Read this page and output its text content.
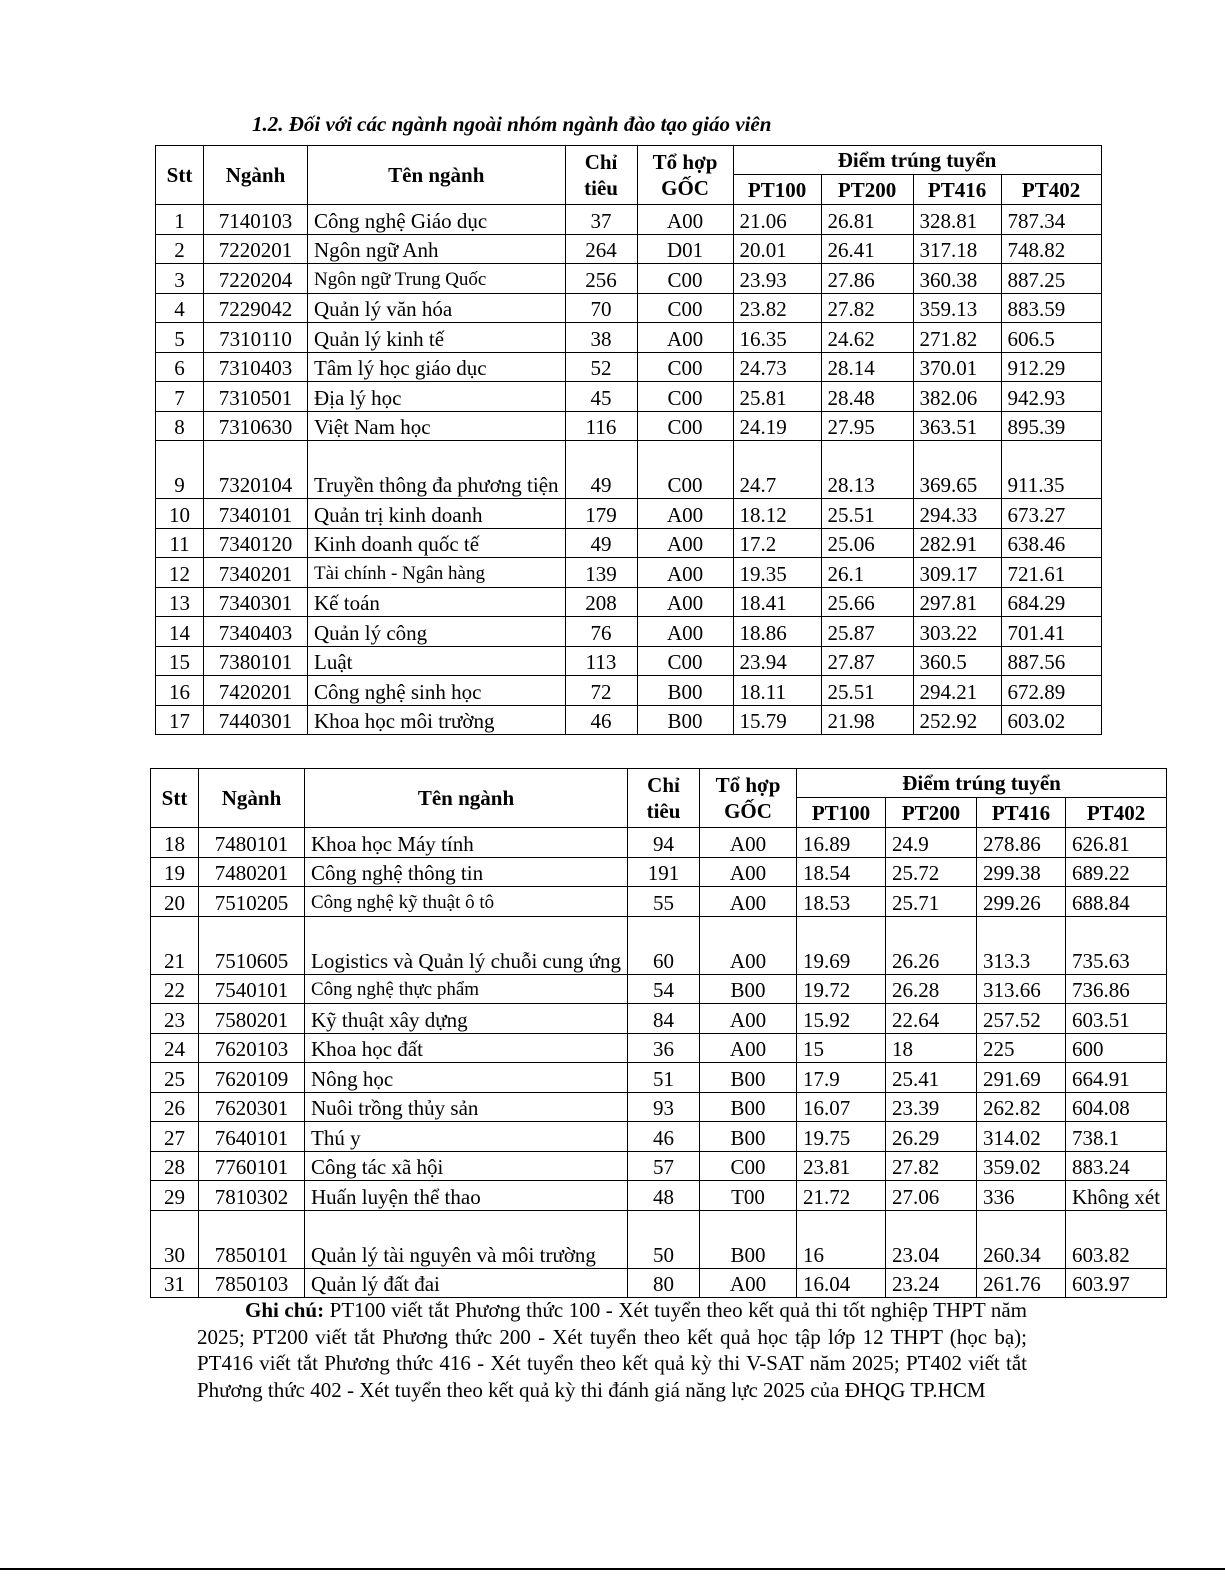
1.2. Đối với các ngành ngoài nhóm ngành đào tạo giáo viên
Stt	Ngành	Tên ngành	Chỉ tiêu	Tổ hợp GỐC	Điểm trúng tuyển			
					PT100	PT200	PT416	PT402
1	7140103	Công nghệ Giáo dục	37	A00	21.06	26.81	328.81	787.34
2	7220201	Ngôn ngữ Anh	264	D01	20.01	26.41	317.18	748.82
3	7220204	Ngôn ngữ Trung Quốc	256	C00	23.93	27.86	360.38	887.25
4	7229042	Quản lý văn hóa	70	C00	23.82	27.82	359.13	883.59
5	7310110	Quản lý kinh tế	38	A00	16.35	24.62	271.82	606.5
6	7310403	Tâm lý học giáo dục	52	C00	24.73	28.14	370.01	912.29
7	7310501	Địa lý học	45	C00	25.81	28.48	382.06	942.93
8	7310630	Việt Nam học	116	C00	24.19	27.95	363.51	895.39
9	7320104	Truyền thông đa phương tiện	49	C00	24.7	28.13	369.65	911.35
10	7340101	Quản trị kinh doanh	179	A00	18.12	25.51	294.33	673.27
11	7340120	Kinh doanh quốc tế	49	A00	17.2	25.06	282.91	638.46
12	7340201	Tài chính - Ngân hàng	139	A00	19.35	26.1	309.17	721.61
13	7340301	Kế toán	208	A00	18.41	25.66	297.81	684.29
14	7340403	Quản lý công	76	A00	18.86	25.87	303.22	701.41
15	7380101	Luật	113	C00	23.94	27.87	360.5	887.56
16	7420201	Công nghệ sinh học	72	B00	18.11	25.51	294.21	672.89
17	7440301	Khoa học môi trường	46	B00	15.79	21.98	252.92	603.02
Stt	Ngành	Tên ngành	Chỉ tiêu	Tổ hợp GỐC	Điểm trúng tuyển			
					PT100	PT200	PT416	PT402
18	7480101	Khoa học Máy tính	94	A00	16.89	24.9	278.86	626.81
19	7480201	Công nghệ thông tin	191	A00	18.54	25.72	299.38	689.22
20	7510205	Công nghệ kỹ thuật ô tô	55	A00	18.53	25.71	299.26	688.84
21	7510605	Logistics và Quản lý chuỗi cung ứng	60	A00	19.69	26.26	313.3	735.63
22	7540101	Công nghệ thực phẩm	54	B00	19.72	26.28	313.66	736.86
23	7580201	Kỹ thuật xây dựng	84	A00	15.92	22.64	257.52	603.51
24	7620103	Khoa học đất	36	A00	15	18	225	600
25	7620109	Nông học	51	B00	17.9	25.41	291.69	664.91
26	7620301	Nuôi trồng thủy sản	93	B00	16.07	23.39	262.82	604.08
27	7640101	Thú y	46	B00	19.75	26.29	314.02	738.1
28	7760101	Công tác xã hội	57	C00	23.81	27.82	359.02	883.24
29	7810302	Huấn luyện thể thao	48	T00	21.72	27.06	336	Không xét
30	7850101	Quản lý tài nguyên và môi trường	50	B00	16	23.04	260.34	603.82
31	7850103	Quản lý đất đai	80	A00	16.04	23.24	261.76	603.97
Ghi chú: PT100 viết tắt Phương thức 100 - Xét tuyển theo kết quả thi tốt nghiệp THPT năm 2025; PT200 viết tắt Phương thức 200 - Xét tuyển theo kết quả học tập lớp 12 THPT (học bạ); PT416 viết tắt Phương thức 416 - Xét tuyển theo kết quả kỳ thi V-SAT năm 2025; PT402 viết tắt Phương thức 402 - Xét tuyển theo kết quả kỳ thi đánh giá năng lực 2025 của ĐHQG TP.HCM
